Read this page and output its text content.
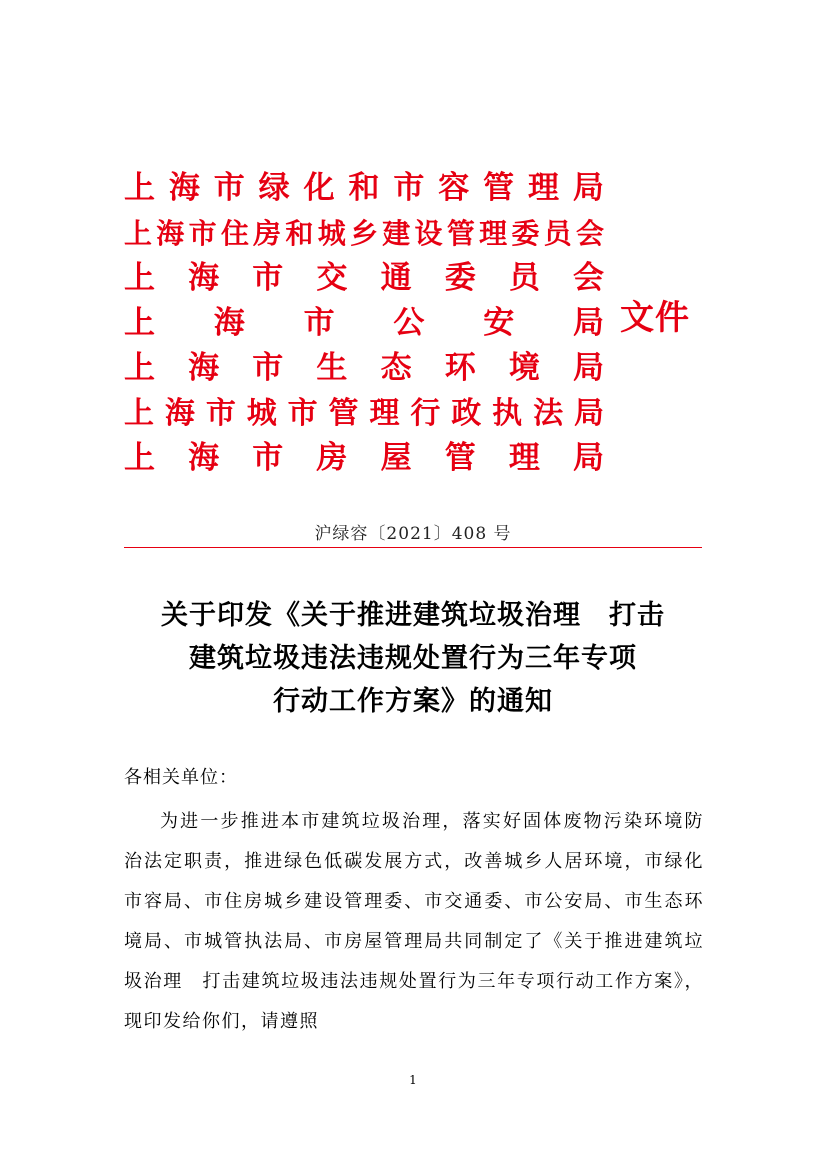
上 海 市 绿 化 和 市 容 管 理 局
上 海 市 住 房 和 城 乡 建 设 管 理 委 员 会
上 海 市 交 通 委 员 会
上 海 市 公 安 局
上 海 市 生 态 环 境 局
上 海 市 城 市 管 理 行 政 执 法 局
上 海 市 房 屋 管 理 局
文件
沪绿容〔2021〕408 号
关于印发《关于推进建筑垃圾治理　打击
建筑垃圾违法违规处置行为三年专项
行动工作方案》的通知
各相关单位：
为进一步推进本市建筑垃圾治理，落实好固体废物污染环境防治法定职责，推进绿色低碳发展方式，改善城乡人居环境，市绿化市容局、市住房城乡建设管理委、市交通委、市公安局、市生态环境局、市城管执法局、市房屋管理局共同制定了《关于推进建筑垃圾治理　打击建筑垃圾违法违规处置行为三年专项行动工作方案》，现印发给你们，请遵照
1
